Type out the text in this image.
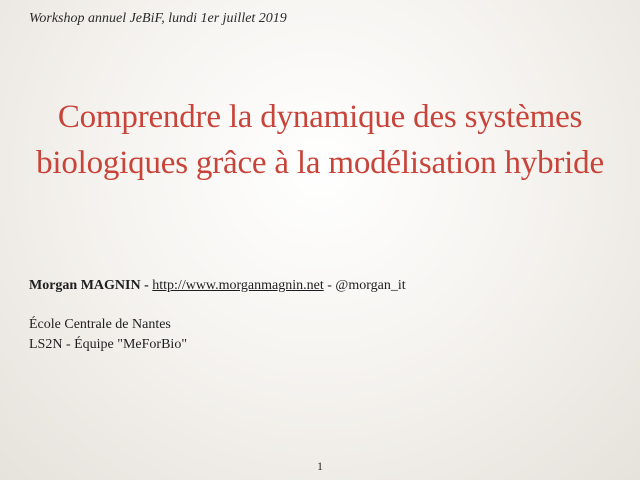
Workshop annuel JeBiF, lundi 1er juillet 2019
Comprendre la dynamique des systèmes
biologiques grâce à la modélisation hybride
Morgan MAGNIN - http://www.morganmagnin.net - @morgan_it
École Centrale de Nantes
LS2N - Équipe "MeForBio"
1
